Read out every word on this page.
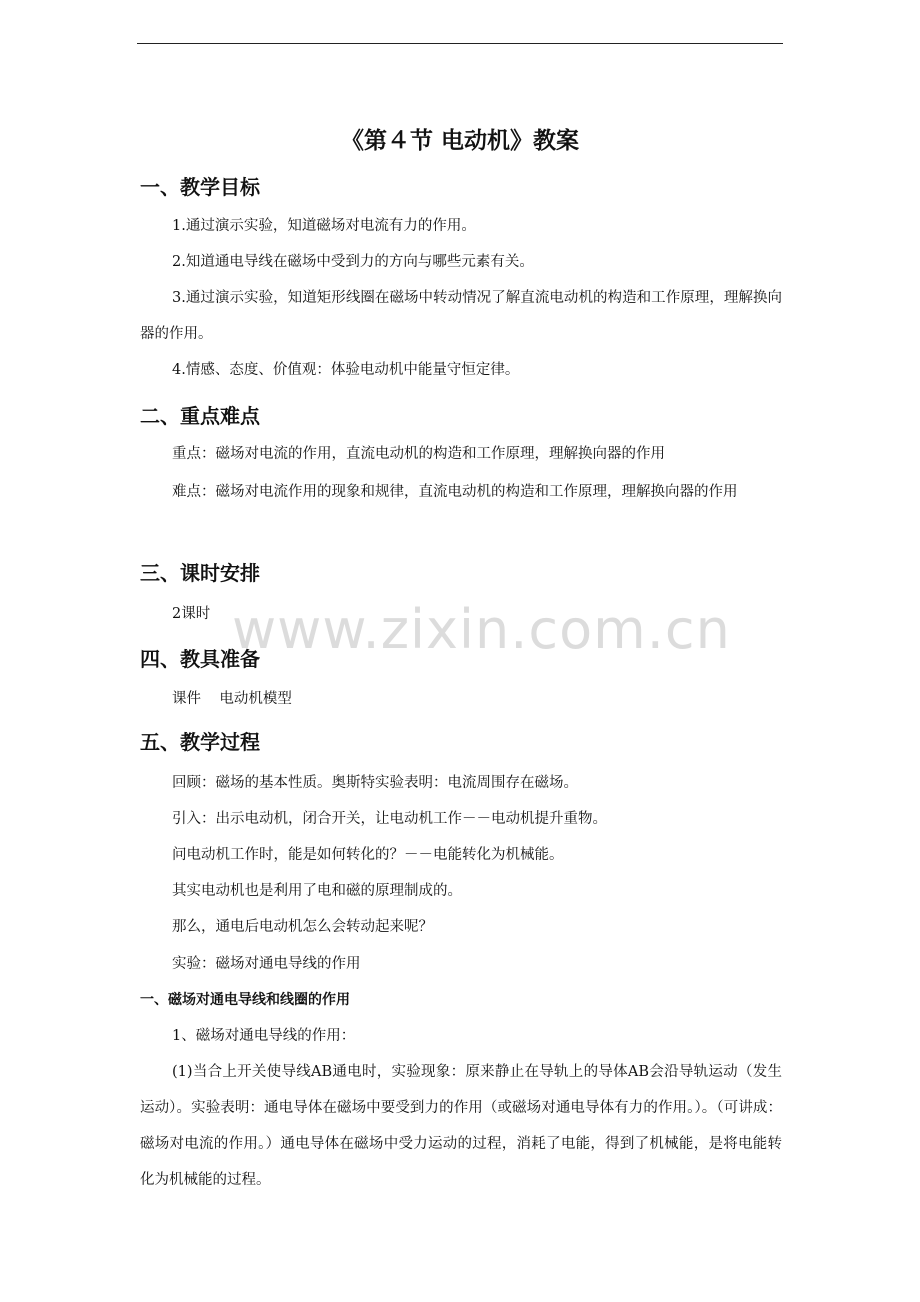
www.zixin.com.cn
《第４节 电动机》教案
一、教学目标
1.通过演示实验，知道磁场对电流有力的作用。
2.知道通电导线在磁场中受到力的方向与哪些元素有关。
3.通过演示实验，知道矩形线圈在磁场中转动情况了解直流电动机的构造和工作原理，理解换向器的作用。
4.情感、态度、价值观：体验电动机中能量守恒定律。
二、重点难点
重点：磁场对电流的作用，直流电动机的构造和工作原理，理解换向器的作用
难点：磁场对电流作用的现象和规律，直流电动机的构造和工作原理，理解换向器的作用
三、课时安排
2课时
四、教具准备
课件    电动机模型
五、教学过程
回顾：磁场的基本性质。奥斯特实验表明：电流周围存在磁场。
引入：出示电动机，闭合开关，让电动机工作－－电动机提升重物。
问电动机工作时，能是如何转化的？－－电能转化为机械能。
其实电动机也是利用了电和磁的原理制成的。
那么，通电后电动机怎么会转动起来呢？
实验：磁场对通电导线的作用
一、磁场对通电导线和线圈的作用
1、磁场对通电导线的作用：
(1)当合上开关使导线AB通电时，实验现象：原来静止在导轨上的导体AB会沿导轨运动（发生运动）。实验表明：通电导体在磁场中要受到力的作用（或磁场对通电导体有力的作用。）。（可讲成：磁场对电流的作用。）通电导体在磁场中受力运动的过程，消耗了电能，得到了机械能，是将电能转化为机械能的过程。
